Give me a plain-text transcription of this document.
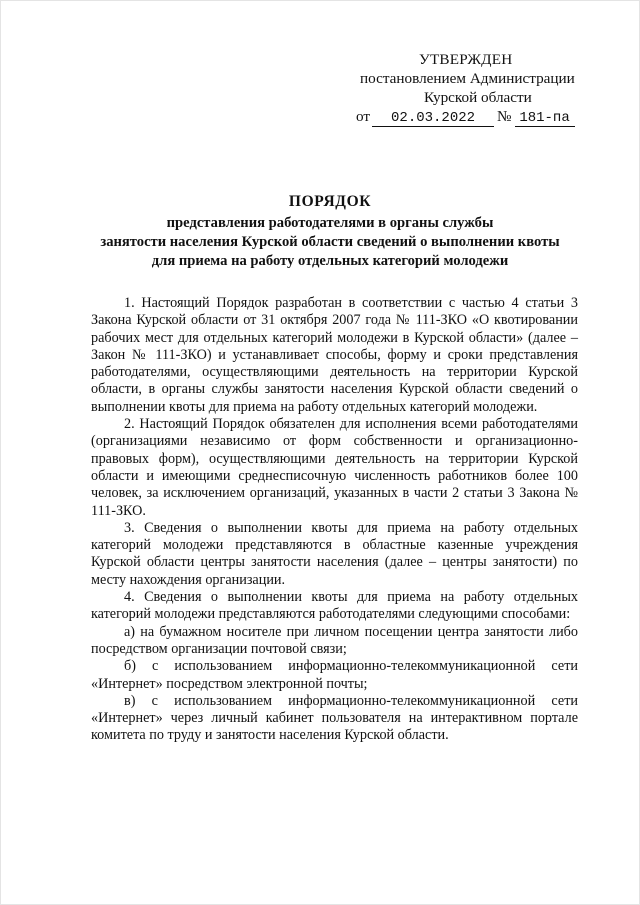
УТВЕРЖДЕН
постановлением Администрации
Курской области
от	02.03.2022	№ 181-па
ПОРЯДОК
представления работодателями в органы службы
занятости населения Курской области сведений о выполнении квоты
для приема на работу отдельных категорий молодежи

1. Настоящий Порядок разработан в соответствии с частью 4 статьи 3 Закона Курской области от 31 октября 2007 года № 111-ЗКО «О квотировании рабочих мест для отдельных категорий молодежи в Курской области» (далее – Закон № 111-ЗКО) и устанавливает способы, форму и сроки представления работодателями, осуществляющими деятельность на территории Курской области, в органы службы занятости населения Курской области сведений о выполнении квоты для приема на работу отдельных категорий молодежи.

2. Настоящий Порядок обязателен для исполнения всеми работодателями (организациями независимо от форм собственности и организационно-правовых форм), осуществляющими деятельность на территории Курской области и имеющими среднесписочную численность работников более 100 человек, за исключением организаций, указанных в части 2 статьи 3 Закона № 111-ЗКО.

3. Сведения о выполнении квоты для приема на работу отдельных категорий молодежи представляются в областные казенные учреждения Курской области центры занятости населения (далее – центры занятости) по месту нахождения организации.

4. Сведения о выполнении квоты для приема на работу отдельных категорий молодежи представляются работодателями следующими способами:

а) на бумажном носителе при личном посещении центра занятости либо посредством организации почтовой связи;

б) с использованием информационно-телекоммуникационной сети «Интернет» посредством электронной почты;

в) с использованием информационно-телекоммуникационной сети «Интернет» через личный кабинет пользователя на интерактивном портале комитета по труду и занятости населения Курской области.
